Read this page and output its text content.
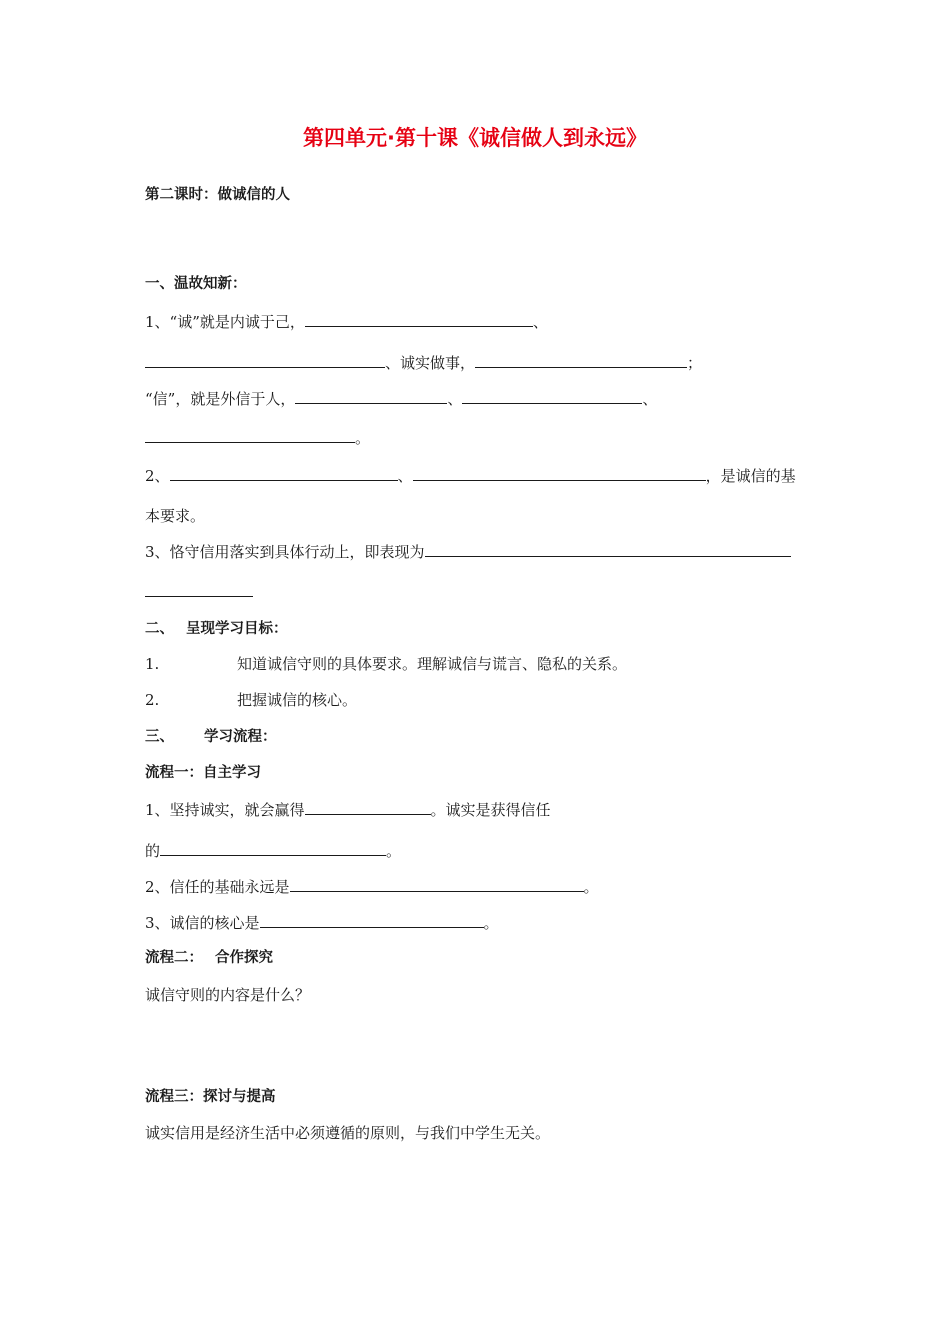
第四单元·第十课《诚信做人到永远》
第二课时：做诚信的人
一、温故知新：
1、“诚”就是内诚于己，	、
、诚实做事，	；
“信”，就是外信于人，	、	、
。
2、	、	，是诚信的基
本要求。
3、恪守信用落实到具体行动上，即表现为
二、 呈现学习目标：
1.	知道诚信守则的具体要求。理解诚信与谎言、隐私的关系。
2.	把握诚信的核心。
三、 学习流程：
流程一：自主学习
1、坚持诚实，就会赢得	。诚实是获得信任
的	。
2、信任的基础永远是	。
3、诚信的核心是	。
流程二： 合作探究
诚信守则的内容是什么？
流程三：探讨与提高
诚实信用是经济生活中必须遵循的原则，与我们中学生无关。
